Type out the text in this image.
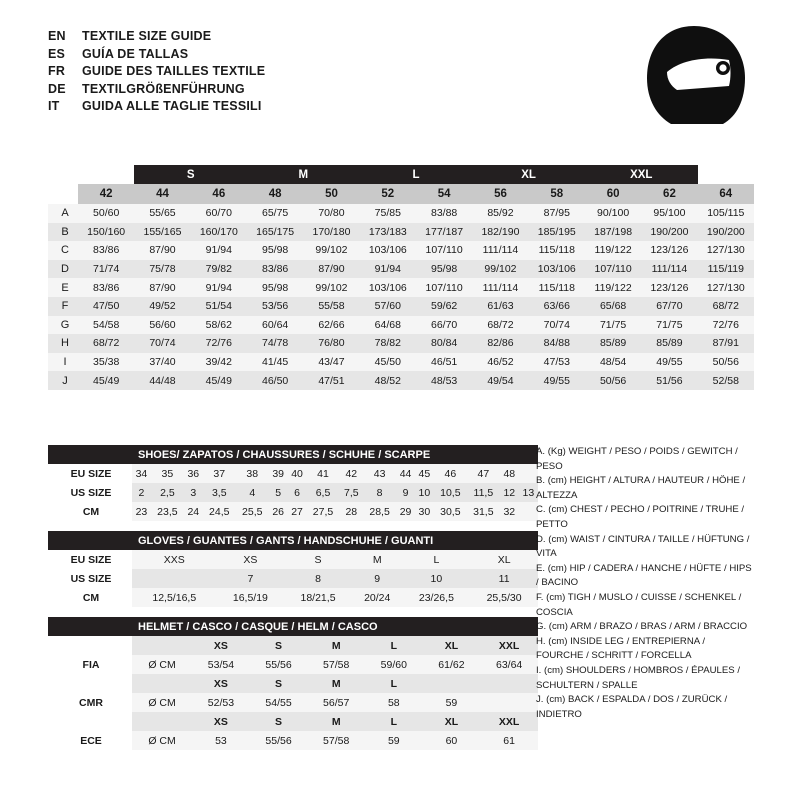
EN	TEXTILE SIZE GUIDE
ES	GUÍA DE TALLAS
FR	GUIDE DES TAILLES TEXTILE
DE	TEXTILGRÖßENFÜHRUNG
IT	GUIDA ALLE TAGLIE TESSILI
		S		M		L		XL		XXL		
	42	44	46	48	50	52	54	56	58	60	62	64
A	50/60	55/65	60/70	65/75	70/80	75/85	83/88	85/92	87/95	90/100	95/100	105/115
B	150/160	155/165	160/170	165/175	170/180	173/183	177/187	182/190	185/195	187/198	190/200	190/200
C	83/86	87/90	91/94	95/98	99/102	103/106	107/110	111/114	115/118	119/122	123/126	127/130
D	71/74	75/78	79/82	83/86	87/90	91/94	95/98	99/102	103/106	107/110	111/114	115/119
E	83/86	87/90	91/94	95/98	99/102	103/106	107/110	111/114	115/118	119/122	123/126	127/130
F	47/50	49/52	51/54	53/56	55/58	57/60	59/62	61/63	63/66	65/68	67/70	68/72
G	54/58	56/60	58/62	60/64	62/66	64/68	66/70	68/72	70/74	71/75	71/75	72/76
H	68/72	70/74	72/76	74/78	76/80	78/82	80/84	82/86	84/88	85/89	85/89	87/91
I	35/38	37/40	39/42	41/45	43/47	45/50	46/51	46/52	47/53	48/54	49/55	50/56
J	45/49	44/48	45/49	46/50	47/51	48/52	48/53	49/54	49/55	50/56	51/56	52/58
	SHOES/ ZAPATOS / CHAUSSURES / SCHUHE / SCARPE															
EU SIZE	34	35	36	37	38	39	40	41	42	43	44	45	46	47	48	
US SIZE	2	2,5	3	3,5	4	5	6	6,5	7,5	8	9	10	10,5	11,5	12	13
CM	23	23,5	24	24,5	25,5	26	27	27,5	28	28,5	29	30	30,5	31,5	32	
	GLOVES / GUANTES / GANTS / HANDSCHUHE / GUANTI					
EU SIZE	XXS	XS	S	M	L	XL
US SIZE		7	8	9	10	11
CM	12,5/16,5	16,5/19	18/21,5	20/24	23/26,5	25,5/30
	HELMET / CASCO / CASQUE / HELM / CASCO						
		XS	S	M	L	XL	XXL
FIA	Ø CM	53/54	55/56	57/58	59/60	61/62	63/64
		XS	S	M	L		
CMR	Ø CM	52/53	54/55	56/57	58	59	
		XS	S	M	L	XL	XXL
ECE	Ø CM	53	55/56	57/58	59	60	61
A. (Kg) WEIGHT / PESO / POIDS / GEWITCH / PESO
B. (cm) HEIGHT / ALTURA / HAUTEUR / HÖHE / ALTEZZA
C. (cm) CHEST / PECHO / POITRINE / TRUHE / PETTO
D. (cm) WAIST / CINTURA / TAILLE / HÜFTUNG / VITA
E. (cm) HIP / CADERA / HANCHE / HÜFTE / HIPS / BACINO
F. (cm) TIGH / MUSLO / CUISSE / SCHENKEL / COSCIA
G. (cm) ARM / BRAZO / BRAS / ARM / BRACCIO
H. (cm) INSIDE LEG / ENTREPIERNA / FOURCHE / SCHRITT / FORCELLA
I. (cm) SHOULDERS / HOMBROS / ÉPAULES / SCHULTERN / SPALLE
J. (cm) BACK / ESPALDA / DOS / ZURÜCK / INDIETRO
